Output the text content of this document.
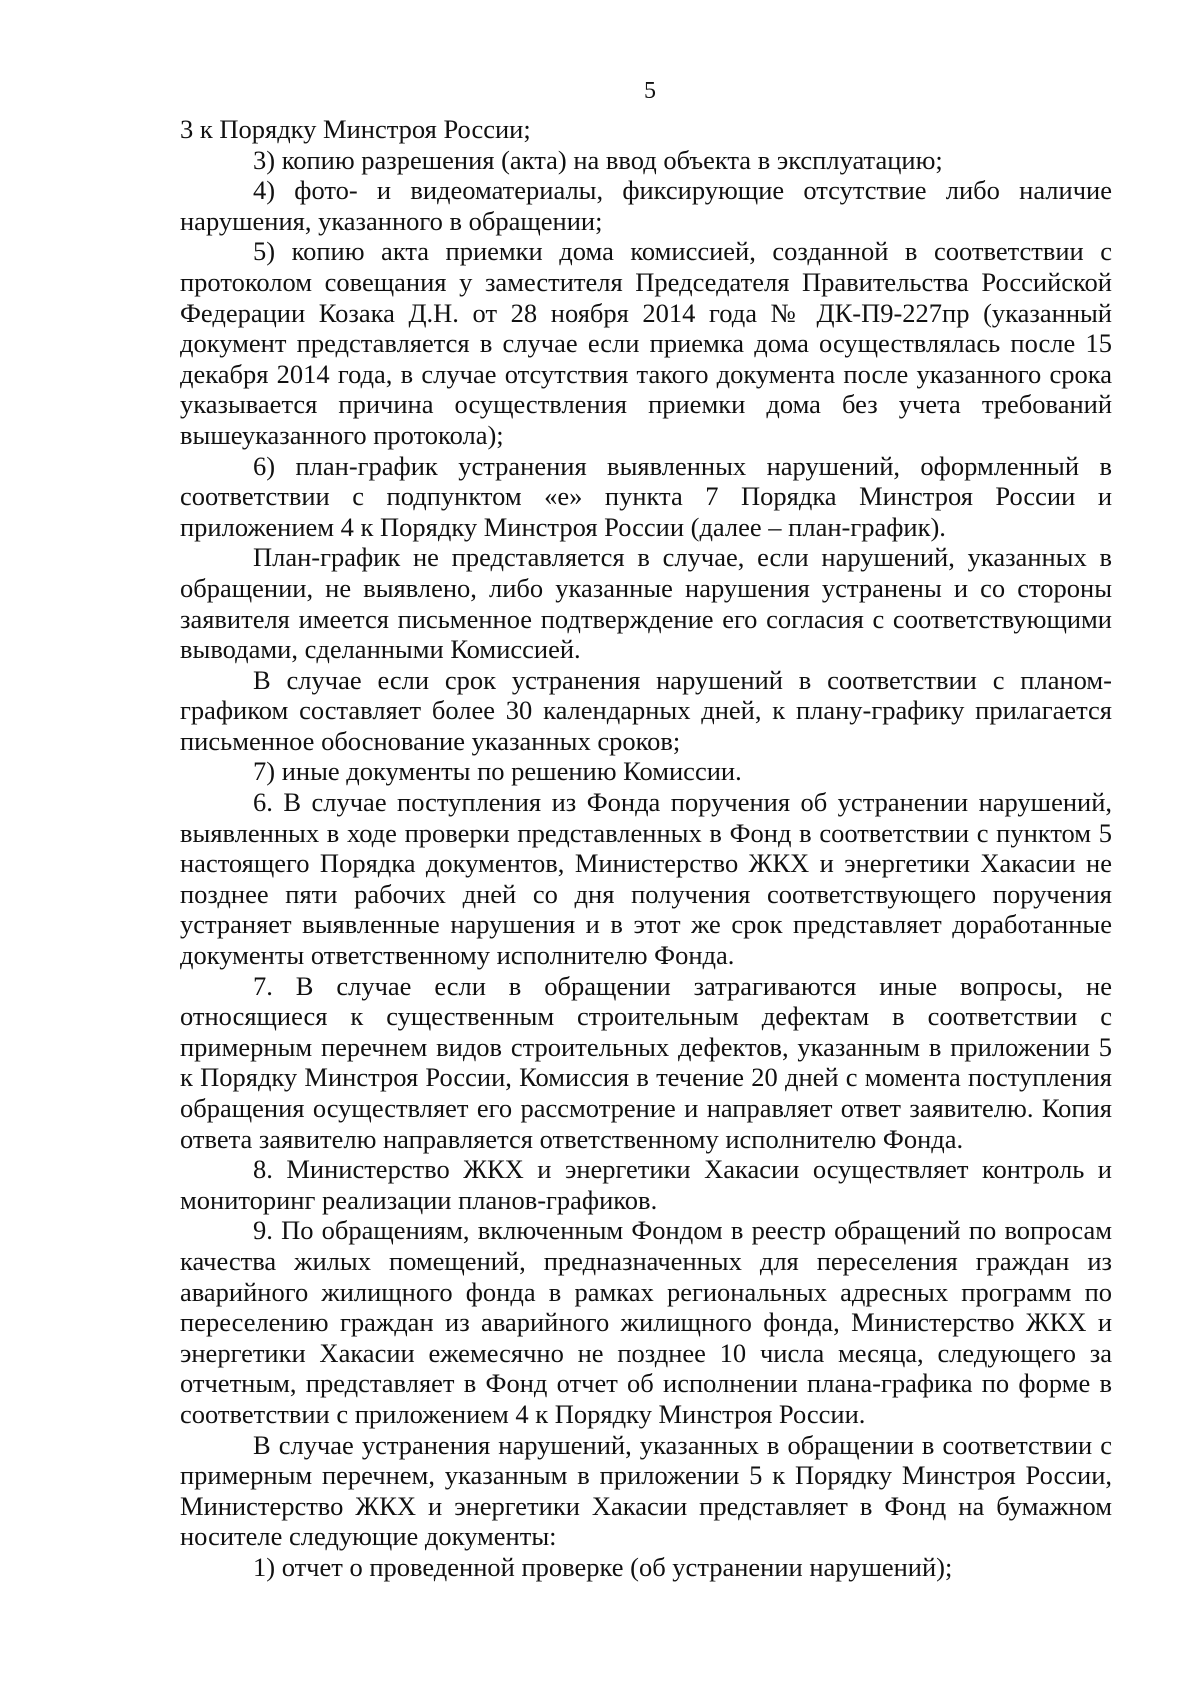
5

3 к Порядку Минстроя России;

3) копию разрешения (акта) на ввод объекта в эксплуатацию;

4) фото- и видеоматериалы, фиксирующие отсутствие либо наличие нарушения, указанного в обращении;

5) копию акта приемки дома комиссией, созданной в соответствии с протоколом совещания у заместителя Председателя Правительства Российской Федерации Козака Д.Н. от 28 ноября 2014 года № ДК-П9-227пр (указанный документ представляется в случае если приемка дома осуществлялась после 15 декабря 2014 года, в случае отсутствия такого документа после указанного срока указывается причина осуществления приемки дома без учета требований вышеуказанного протокола);

6) план-график устранения выявленных нарушений, оформленный в соответствии с подпунктом «е» пункта 7 Порядка Минстроя России и приложением 4 к Порядку Минстроя России (далее – план-график).

План-график не представляется в случае, если нарушений, указанных в обращении, не выявлено, либо указанные нарушения устранены и со стороны заявителя имеется письменное подтверждение его согласия с соответствующими выводами, сделанными Комиссией.

В случае если срок устранения нарушений в соответствии с планом-графиком составляет более 30 календарных дней, к плану-графику прилагается письменное обоснование указанных сроков;

7) иные документы по решению Комиссии.

6. В случае поступления из Фонда поручения об устранении нарушений, выявленных в ходе проверки представленных в Фонд в соответствии с пунктом 5 настоящего Порядка документов, Министерство ЖКХ и энергетики Хакасии не позднее пяти рабочих дней со дня получения соответствующего поручения устраняет выявленные нарушения и в этот же срок представляет доработанные документы ответственному исполнителю Фонда.

7. В случае если в обращении затрагиваются иные вопросы, не относящиеся к существенным строительным дефектам в соответствии с примерным перечнем видов строительных дефектов, указанным в приложении 5 к Порядку Минстроя России, Комиссия в течение 20 дней с момента поступления обращения осуществляет его рассмотрение и направляет ответ заявителю. Копия ответа заявителю направляется ответственному исполнителю Фонда.

8. Министерство ЖКХ и энергетики Хакасии осуществляет контроль и мониторинг реализации планов-графиков.

9. По обращениям, включенным Фондом в реестр обращений по вопросам качества жилых помещений, предназначенных для переселения граждан из аварийного жилищного фонда в рамках региональных адресных программ по переселению граждан из аварийного жилищного фонда, Министерство ЖКХ и энергетики Хакасии ежемесячно не позднее 10 числа месяца, следующего за отчетным, представляет в Фонд отчет об исполнении плана-графика по форме в соответствии с приложением 4 к Порядку Минстроя России.

В случае устранения нарушений, указанных в обращении в соответствии с примерным перечнем, указанным в приложении 5 к Порядку Минстроя России, Министерство ЖКХ и энергетики Хакасии представляет в Фонд на бумажном носителе следующие документы:

1) отчет о проведенной проверке (об устранении нарушений);
